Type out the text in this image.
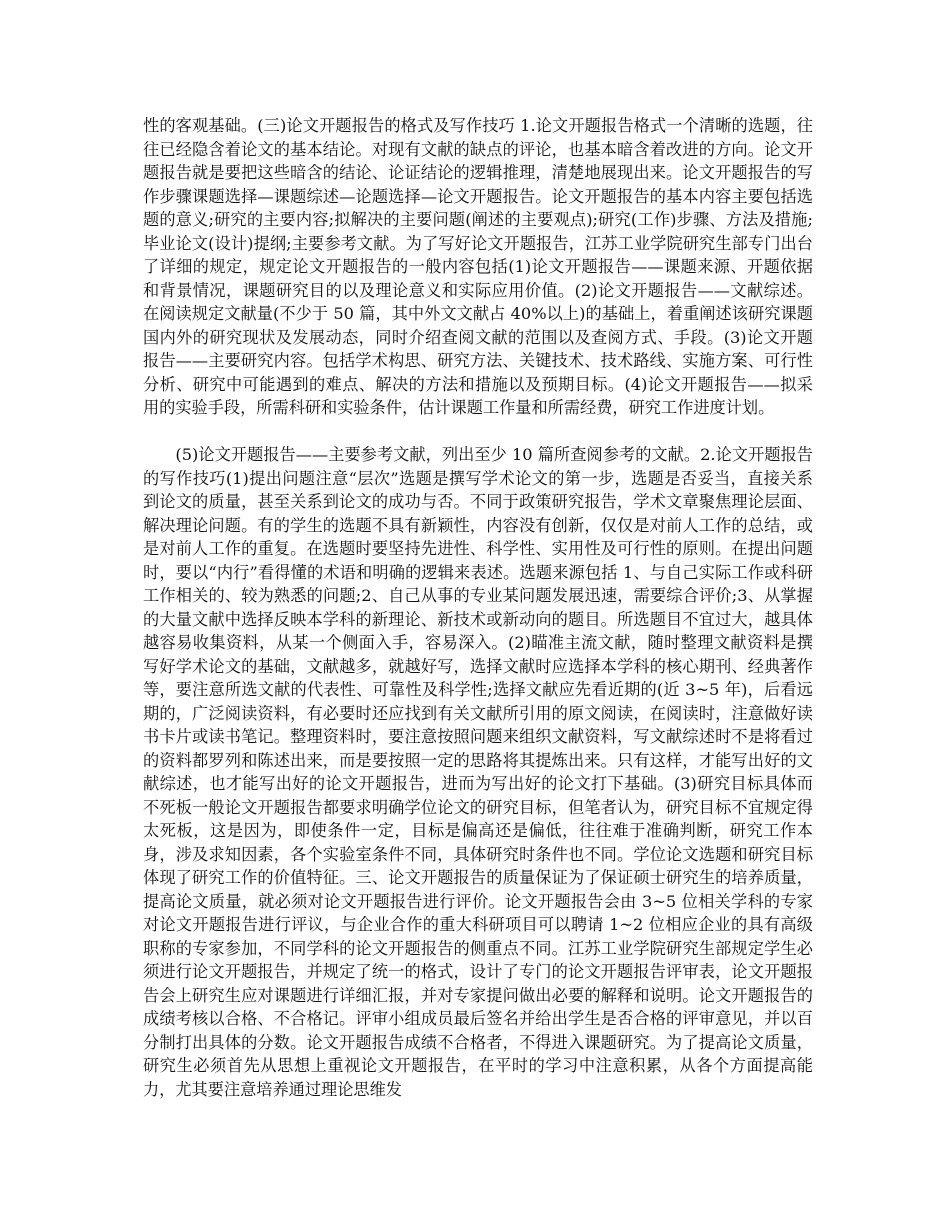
性的客观基础。(三)论文开题报告的格式及写作技巧 1.论文开题报告格式一个清晰的选题，往往已经隐含着论文的基本结论。对现有文献的缺点的评论，也基本暗含着改进的方向。论文开题报告就是要把这些暗含的结论、论证结论的逻辑推理，清楚地展现出来。论文开题报告的写作步骤课题选择—课题综述—论题选择—论文开题报告。论文开题报告的基本内容主要包括选题的意义;研究的主要内容;拟解决的主要问题(阐述的主要观点);研究(工作)步骤、方法及措施;毕业论文(设计)提纲;主要参考文献。为了写好论文开题报告，江苏工业学院研究生部专门出台了详细的规定，规定论文开题报告的一般内容包括(1)论文开题报告——课题来源、开题依据和背景情况，课题研究目的以及理论意义和实际应用价值。(2)论文开题报告——文献综述。在阅读规定文献量(不少于 50 篇，其中外文文献占 40%以上)的基础上，着重阐述该研究课题国内外的研究现状及发展动态，同时介绍查阅文献的范围以及查阅方式、手段。(3)论文开题报告——主要研究内容。包括学术构思、研究方法、关键技术、技术路线、实施方案、可行性分析、研究中可能遇到的难点、解决的方法和措施以及预期目标。(4)论文开题报告——拟采用的实验手段，所需科研和实验条件，估计课题工作量和所需经费，研究工作进度计划。

(5)论文开题报告——主要参考文献，列出至少 10 篇所查阅参考的文献。2.论文开题报告的写作技巧(1)提出问题注意“层次”选题是撰写学术论文的第一步，选题是否妥当，直接关系到论文的质量，甚至关系到论文的成功与否。不同于政策研究报告，学术文章聚焦理论层面、解决理论问题。有的学生的选题不具有新颖性，内容没有创新，仅仅是对前人工作的总结，或是对前人工作的重复。在选题时要坚持先进性、科学性、实用性及可行性的原则。在提出问题时，要以“内行”看得懂的术语和明确的逻辑来表述。选题来源包括 1、与自己实际工作或科研工作相关的、较为熟悉的问题;2、自己从事的专业某问题发展迅速，需要综合评价;3、从掌握的大量文献中选择反映本学科的新理论、新技术或新动向的题目。所选题目不宜过大，越具体越容易收集资料，从某一个侧面入手，容易深入。(2)瞄准主流文献，随时整理文献资料是撰写好学术论文的基础，文献越多，就越好写，选择文献时应选择本学科的核心期刊、经典著作等，要注意所选文献的代表性、可靠性及科学性;选择文献应先看近期的(近 3~5 年)，后看远期的，广泛阅读资料，有必要时还应找到有关文献所引用的原文阅读，在阅读时，注意做好读书卡片或读书笔记。整理资料时，要注意按照问题来组织文献资料，写文献综述时不是将看过的资料都罗列和陈述出来，而是要按照一定的思路将其提炼出来。只有这样，才能写出好的文献综述，也才能写出好的论文开题报告，进而为写出好的论文打下基础。(3)研究目标具体而不死板一般论文开题报告都要求明确学位论文的研究目标，但笔者认为，研究目标不宜规定得太死板，这是因为，即使条件一定，目标是偏高还是偏低，往往难于准确判断，研究工作本身，涉及求知因素，各个实验室条件不同，具体研究时条件也不同。学位论文选题和研究目标体现了研究工作的价值特征。三、论文开题报告的质量保证为了保证硕士研究生的培养质量，提高论文质量，就必须对论文开题报告进行评价。论文开题报告会由 3~5 位相关学科的专家对论文开题报告进行评议，与企业合作的重大科研项目可以聘请 1~2 位相应企业的具有高级职称的专家参加，不同学科的论文开题报告的侧重点不同。江苏工业学院研究生部规定学生必须进行论文开题报告，并规定了统一的格式，设计了专门的论文开题报告评审表，论文开题报告会上研究生应对课题进行详细汇报，并对专家提问做出必要的解释和说明。论文开题报告的成绩考核以合格、不合格记。评审小组成员最后签名并给出学生是否合格的评审意见，并以百分制打出具体的分数。论文开题报告成绩不合格者，不得进入课题研究。为了提高论文质量，研究生必须首先从思想上重视论文开题报告，在平时的学习中注意积累，从各个方面提高能力，尤其要注意培养通过理论思维发
